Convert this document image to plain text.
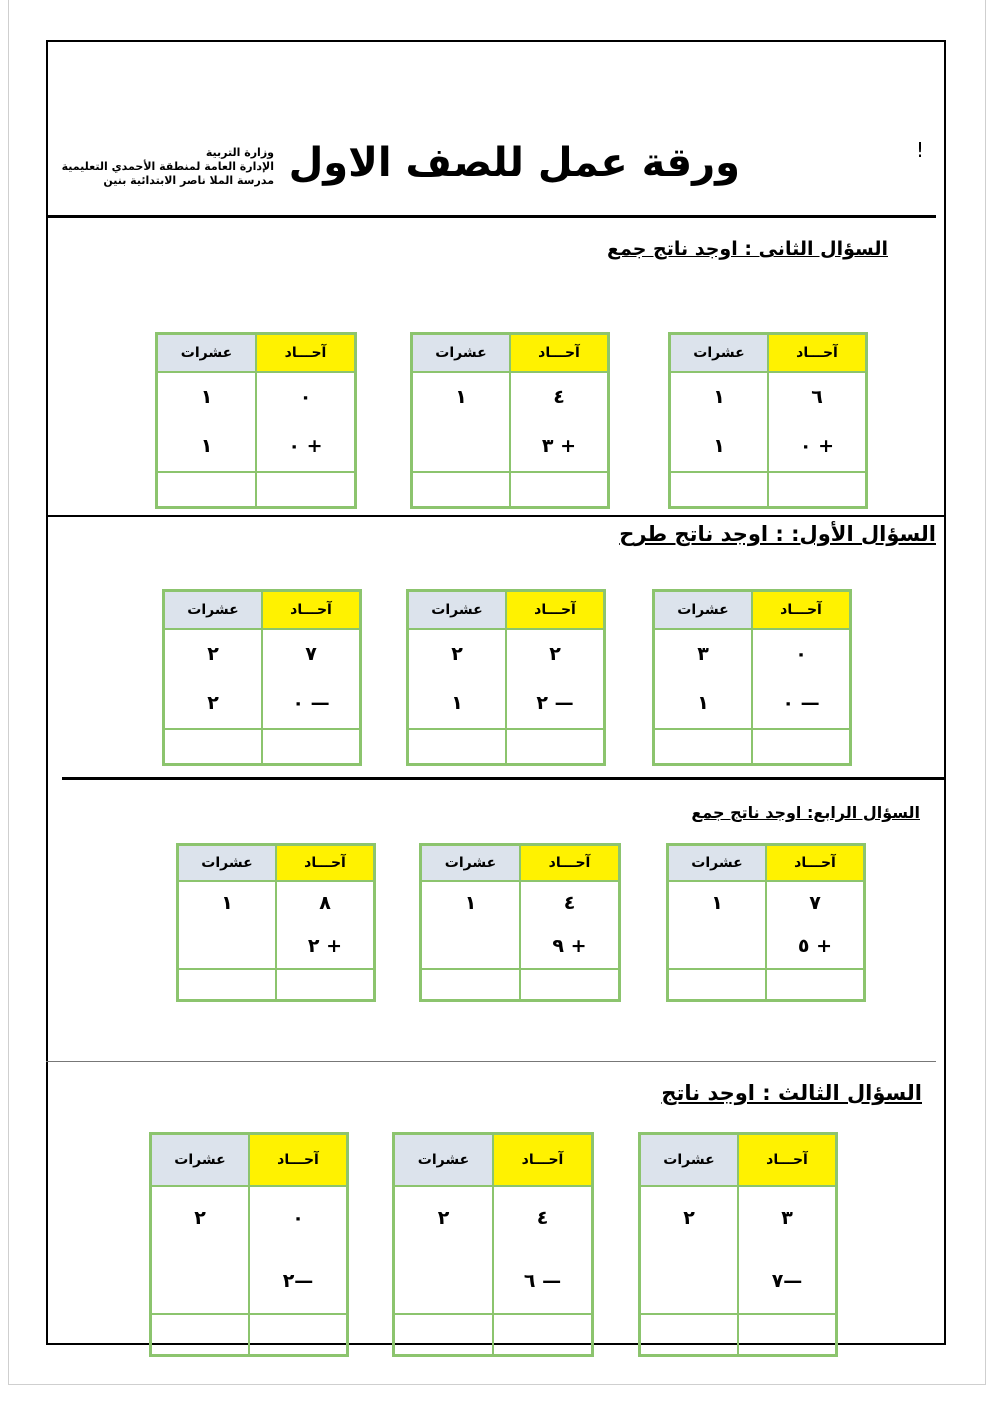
!
وزارة التربية
الإدارة العامة لمنطقة الأحمدي التعليمية
مدرسة الملا ناصر الابتدائية بنين ورقة عمل للصف الاول
السؤال الثانى : اوجد ناتج جمع
السؤال الأول: : اوجد ناتج طرح
السؤال الرابع: اوجد ناتج جمع
السؤال الثالث : اوجد ناتج
عشرات	آحـــاد
١	٦
١	٠ +

عشرات	آحـــاد
١	٤
	٣ +

عشرات	آحـــاد
١	٠
١	٠ +

عشرات	آحـــاد
٣	٠
١	٠ —

عشرات	آحـــاد
٢	٢
١	٢ —

عشرات	آحـــاد
٢	٧
٢	٠ —

عشرات	آحـــاد
١	٧
	٥ +

عشرات	آحـــاد
١	٤
	٩ +

عشرات	آحـــاد
١	٨
	٢ +

عشرات	آحـــاد
٢	٣
	٧—

عشرات	آحـــاد
٢	٤
	٦ —

عشرات	آحـــاد
٢	٠
	٢—
